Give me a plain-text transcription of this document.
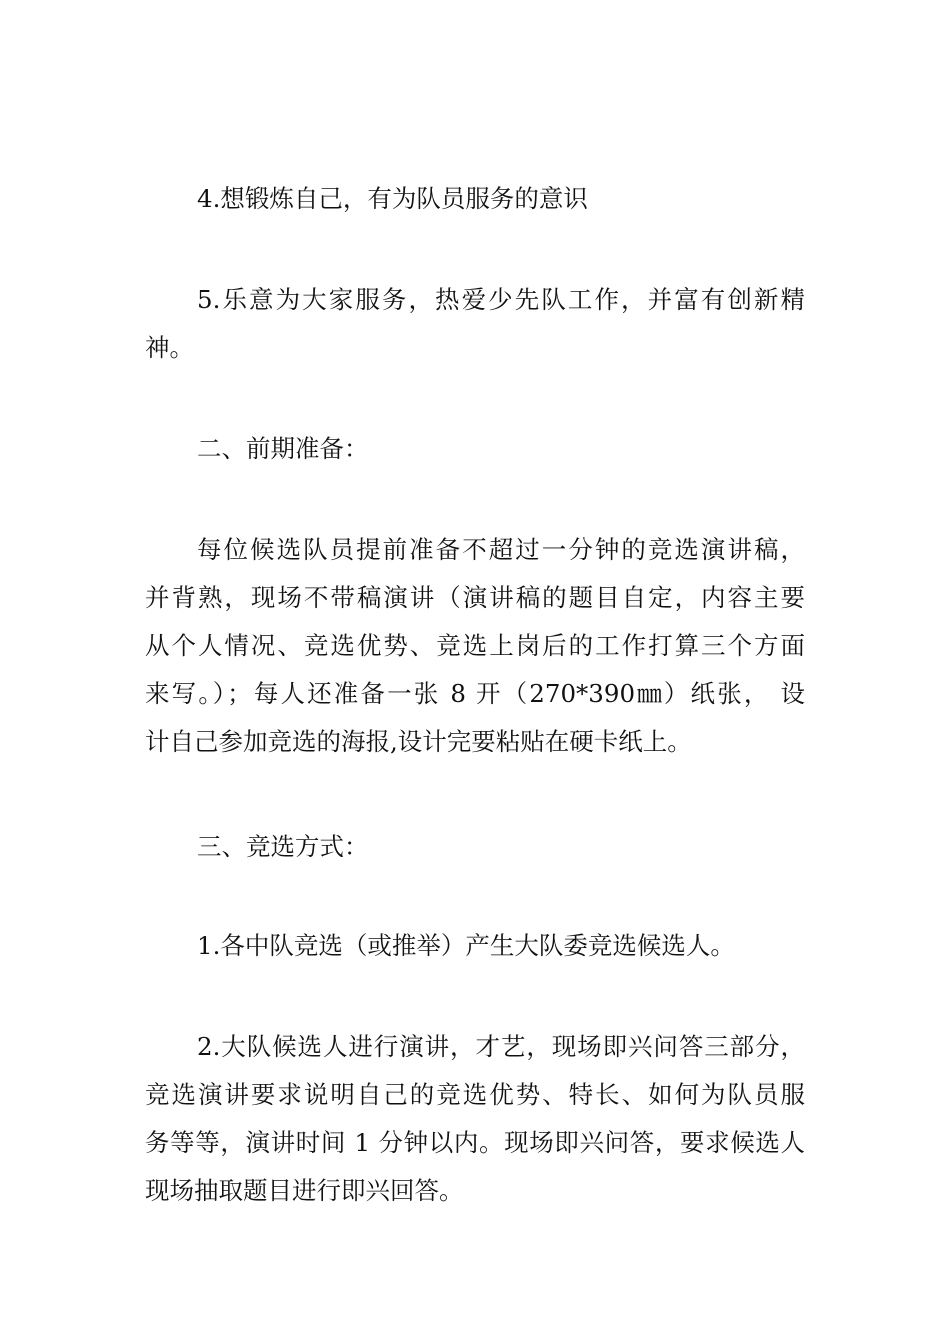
4.想锻炼自己，有为队员服务的意识

5.乐意为大家服务，热爱少先队工作，并富有创新精
神。

二、前期准备：

每位候选队员提前准备不超过一分钟的竞选演讲稿，
并背熟，现场不带稿演讲（演讲稿的题目自定，内容主要
从个人情况、竞选优势、竞选上岗后的工作打算三个方面
来写。）；每人还准备一张 8 开（270*390㎜）纸张， 设
计自己参加竞选的海报,设计完要粘贴在硬卡纸上。

三、竞选方式：

1.各中队竞选（或推举）产生大队委竞选候选人。

2.大队候选人进行演讲，才艺，现场即兴问答三部分，
竞选演讲要求说明自己的竞选优势、特长、如何为队员服
务等等，演讲时间 1 分钟以内。现场即兴问答，要求候选人
现场抽取题目进行即兴回答。
